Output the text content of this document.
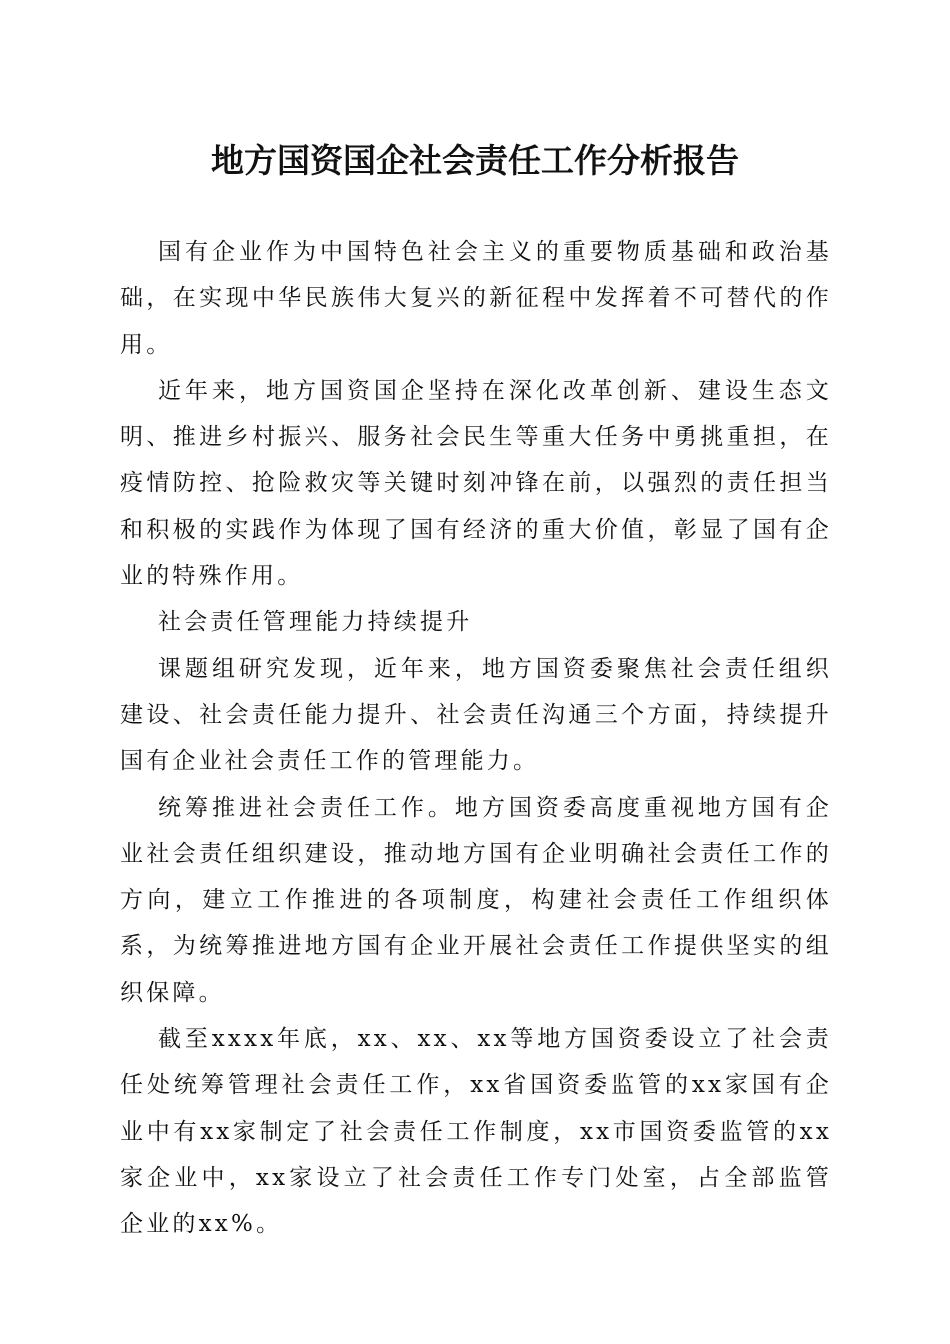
地方国资国企社会责任工作分析报告

国有企业作为中国特色社会主义的重要物质基础和政治基础，在实现中华民族伟大复兴的新征程中发挥着不可替代的作用。

近年来，地方国资国企坚持在深化改革创新、建设生态文明、推进乡村振兴、服务社会民生等重大任务中勇挑重担，在疫情防控、抢险救灾等关键时刻冲锋在前，以强烈的责任担当和积极的实践作为体现了国有经济的重大价值，彰显了国有企业的特殊作用。

社会责任管理能力持续提升

课题组研究发现，近年来，地方国资委聚焦社会责任组织建设、社会责任能力提升、社会责任沟通三个方面，持续提升国有企业社会责任工作的管理能力。

统筹推进社会责任工作。地方国资委高度重视地方国有企业社会责任组织建设，推动地方国有企业明确社会责任工作的方向，建立工作推进的各项制度，构建社会责任工作组织体系，为统筹推进地方国有企业开展社会责任工作提供坚实的组织保障。

截至xxxx年底，xx、xx、xx等地方国资委设立了社会责任处统筹管理社会责任工作，xx省国资委监管的xx家国有企业中有xx家制定了社会责任工作制度，xx市国资委监管的xx家企业中，xx家设立了社会责任工作专门处室，占全部监管企业的xx%。
